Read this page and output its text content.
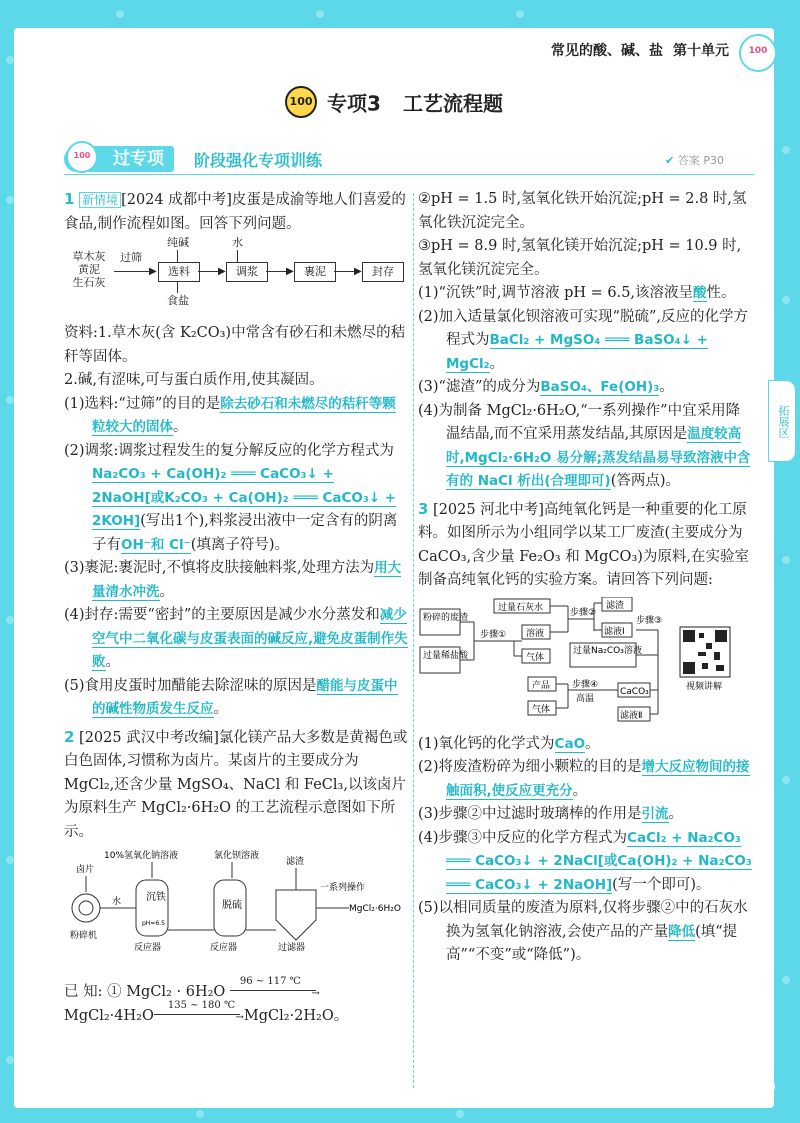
常见的酸、碱、盐 第十单元	100
100 专项3 工艺流程题
过专项	阶段强化专项训练	✔ 答案 P30
100

1 新情境 [2024 成都中考]皮蛋是成渝等地人们喜爱的食品,制作流程如图。回答下列问题。

草木灰
黄泥
生石灰
过筛
▶
纯碱
选料
食盐
▶
水
调浆	▶ 裹泥	▶ 封存

资料:1.草木灰(含 K₂CO₃)中常含有砂石和未燃尽的秸秆等固体。

2.碱,有涩味,可与蛋白质作用,使其凝固。

(1)选料:“过筛”的目的是除去砂石和未燃尽的秸秆等颗粒较大的固体。

(2)调浆:调浆过程发生的复分解反应的化学方程式为Na₂CO₃ + Ca(OH)₂ ═══ CaCO₃↓ + 2NaOH[或K₂CO₃ + Ca(OH)₂ ═══ CaCO₃↓ + 2KOH](写出1个),料浆浸出液中一定含有的阴离子有OH⁻和 Cl⁻(填离子符号)。

(3)裹泥:裹泥时,不慎将皮肤接触料浆,处理方法为用大量清水冲洗。

(4)封存:需要“密封”的主要原因是减少水分蒸发和减少空气中二氧化碳与皮蛋表面的碱反应,避免皮蛋制作失败。

(5)食用皮蛋时加醋能去除涩味的原因是醋能与皮蛋中的碱性物质发生反应。

2 [2025 武汉中考改编]氯化镁产品大多数是黄褐色或白色固体,习惯称为卤片。某卤片的主要成分为 MgCl₂,还含少量 MgSO₄、NaCl 和 FeCl₃,以该卤片为原料生产 MgCl₂·6H₂O 的工艺流程示意图如下所示。

卤片
粉碎机
水
10%氢氧化钠溶液
沉铁
pH=6.5
反应器
氯化钡溶液
脱硫
反应器
滤渣
过滤器
一系列操作
MgCl₂·6H₂O

已 知: ① MgCl₂ · 6H₂O
96 ~ 117 ℃
→

MgCl₂·4H₂O
135 ~ 180 ℃
→ MgCl₂·2H₂O。

②pH = 1.5 时,氢氧化铁开始沉淀;pH = 2.8 时,氢氧化铁沉淀完全。

③pH = 8.9 时,氢氧化镁开始沉淀;pH = 10.9 时,氢氧化镁沉淀完全。

(1)“沉铁”时,调节溶液 pH = 6.5,该溶液呈酸性。

(2)加入适量氯化钡溶液可实现“脱硫”,反应的化学方程式为BaCl₂ + MgSO₄ ═══ BaSO₄↓ + MgCl₂。

(3)“滤渣”的成分为BaSO₄、Fe(OH)₃。

(4)为制备 MgCl₂·6H₂O,“一系列操作”中宜采用降温结晶,而不宜采用蒸发结晶,其原因是温度较高时,MgCl₂·6H₂O 易分解;蒸发结晶易导致溶液中含有的 NaCl 析出(合理即可)(答两点)。

3 [2025 河北中考]高纯氧化钙是一种重要的化工原料。如图所示为小组同学以某工厂废渣(主要成分为 CaCO₃,含少量 Fe₂O₃ 和 MgCO₃)为原料,在实验室制备高纯氧化钙的实验方案。请回答下列问题:

粉碎的废渣
过量稀盐酸
步骤① 溶液
气体
过量石灰水	步骤②
滤渣
滤液Ⅰ
步骤③
过量Na₂CO₃溶液
CaCO₃
滤液Ⅱ
步骤④
高温
产品
气体
视频讲解

(1)氧化钙的化学式为CaO。

(2)将废渣粉碎为细小颗粒的目的是增大反应物间的接触面积,使反应更充分。

(3)步骤②中过滤时玻璃棒的作用是引流。

(4)步骤③中反应的化学方程式为CaCl₂ + Na₂CO₃ ═══ CaCO₃↓ + 2NaCl[或Ca(OH)₂ + Na₂CO₃ ═══ CaCO₃↓ + 2NaOH](写一个即可)。

(5)以相同质量的废渣为原料,仅将步骤②中的石灰水换为氢氧化钠溶液,会使产品的产量降低(填“提高”“不变”或“降低”)。

拓展区
56
